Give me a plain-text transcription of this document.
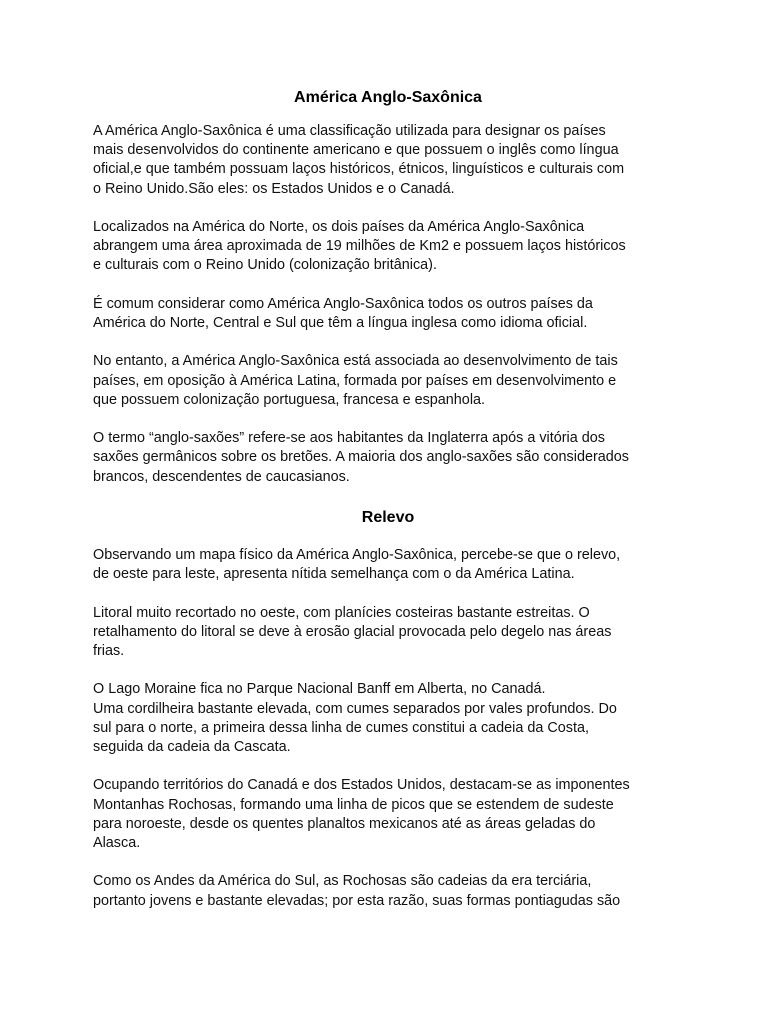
América Anglo-Saxônica

A América Anglo-Saxônica é uma classificação utilizada para designar os países
mais desenvolvidos do continente americano e que possuem o inglês como língua
oficial,e que também possuam laços históricos, étnicos, linguísticos e culturais com
o Reino Unido.São eles: os Estados Unidos e o Canadá.

Localizados na América do Norte, os dois países da América Anglo-Saxônica
abrangem uma área aproximada de 19 milhões de Km2 e possuem laços históricos
e culturais com o Reino Unido (colonização britânica).

É comum considerar como América Anglo-Saxônica todos os outros países da
América do Norte, Central e Sul que têm a língua inglesa como idioma oficial.

No entanto, a América Anglo-Saxônica está associada ao desenvolvimento de tais
países, em oposição à América Latina, formada por países em desenvolvimento e
que possuem colonização portuguesa, francesa e espanhola.

O termo “anglo-saxões” refere-se aos habitantes da Inglaterra após a vitória dos
saxões germânicos sobre os bretões. A maioria dos anglo-saxões são considerados
brancos, descendentes de caucasianos.

Relevo

Observando um mapa físico da América Anglo-Saxônica, percebe-se que o relevo,
de oeste para leste, apresenta nítida semelhança com o da América Latina.

Litoral muito recortado no oeste, com planícies costeiras bastante estreitas. O
retalhamento do litoral se deve à erosão glacial provocada pelo degelo nas áreas
frias.

O Lago Moraine fica no Parque Nacional Banff em Alberta, no Canadá.
Uma cordilheira bastante elevada, com cumes separados por vales profundos. Do
sul para o norte, a primeira dessa linha de cumes constitui a cadeia da Costa,
seguida da cadeia da Cascata.

Ocupando territórios do Canadá e dos Estados Unidos, destacam-se as imponentes
Montanhas Rochosas, formando uma linha de picos que se estendem de sudeste
para noroeste, desde os quentes planaltos mexicanos até as áreas geladas do
Alasca.

Como os Andes da América do Sul, as Rochosas são cadeias da era terciária,
portanto jovens e bastante elevadas; por esta razão, suas formas pontiagudas são
